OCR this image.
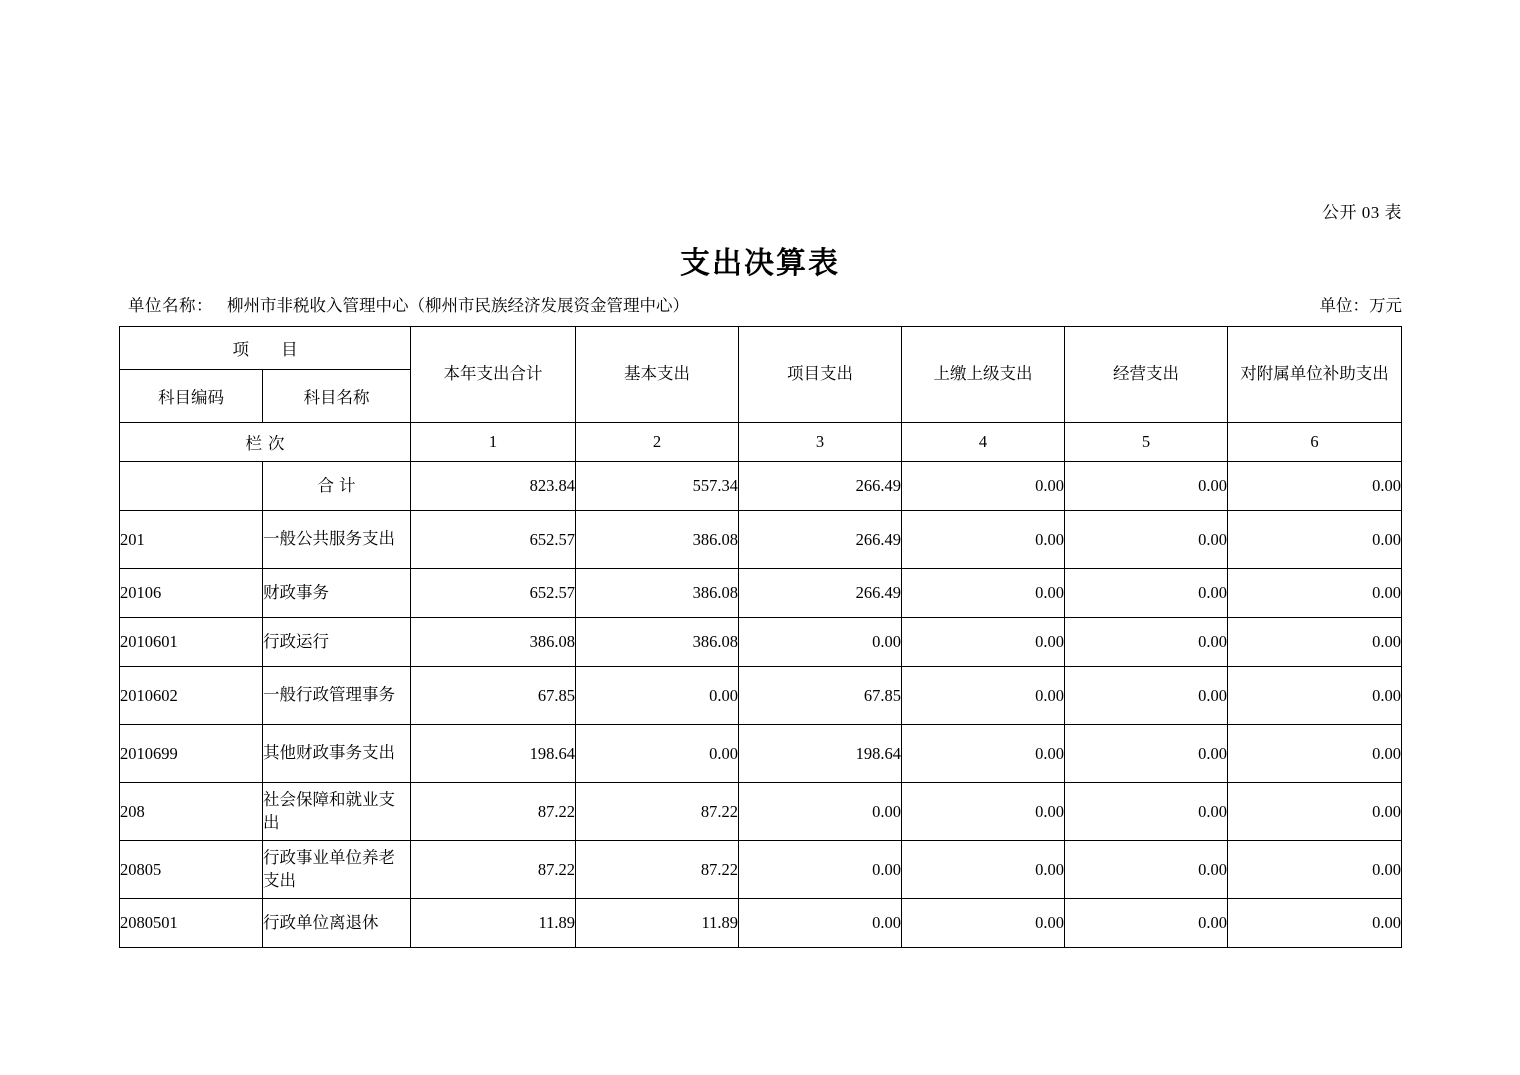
公开 03 表
支出决算表
单位名称： 柳州市非税收入管理中心（柳州市民族经济发展资金管理中心）	单位：万元
项 目		本年支出合计	基本支出	项目支出	上缴上级支出	经营支出	对附属单位补助支出
科目编码	科目名称						
栏次		1	2	3	4	5	6
	合计	823.84	557.34	266.49	0.00	0.00	0.00
201	一般公共服务支出	652.57	386.08	266.49	0.00	0.00	0.00
20106	财政事务	652.57	386.08	266.49	0.00	0.00	0.00
2010601	行政运行	386.08	386.08	0.00	0.00	0.00	0.00
2010602	一般行政管理事务	67.85	0.00	67.85	0.00	0.00	0.00
2010699	其他财政事务支出	198.64	0.00	198.64	0.00	0.00	0.00
208	社会保障和就业支出	87.22	87.22	0.00	0.00	0.00	0.00
20805	行政事业单位养老支出	87.22	87.22	0.00	0.00	0.00	0.00
2080501	行政单位离退休	11.89	11.89	0.00	0.00	0.00	0.00
